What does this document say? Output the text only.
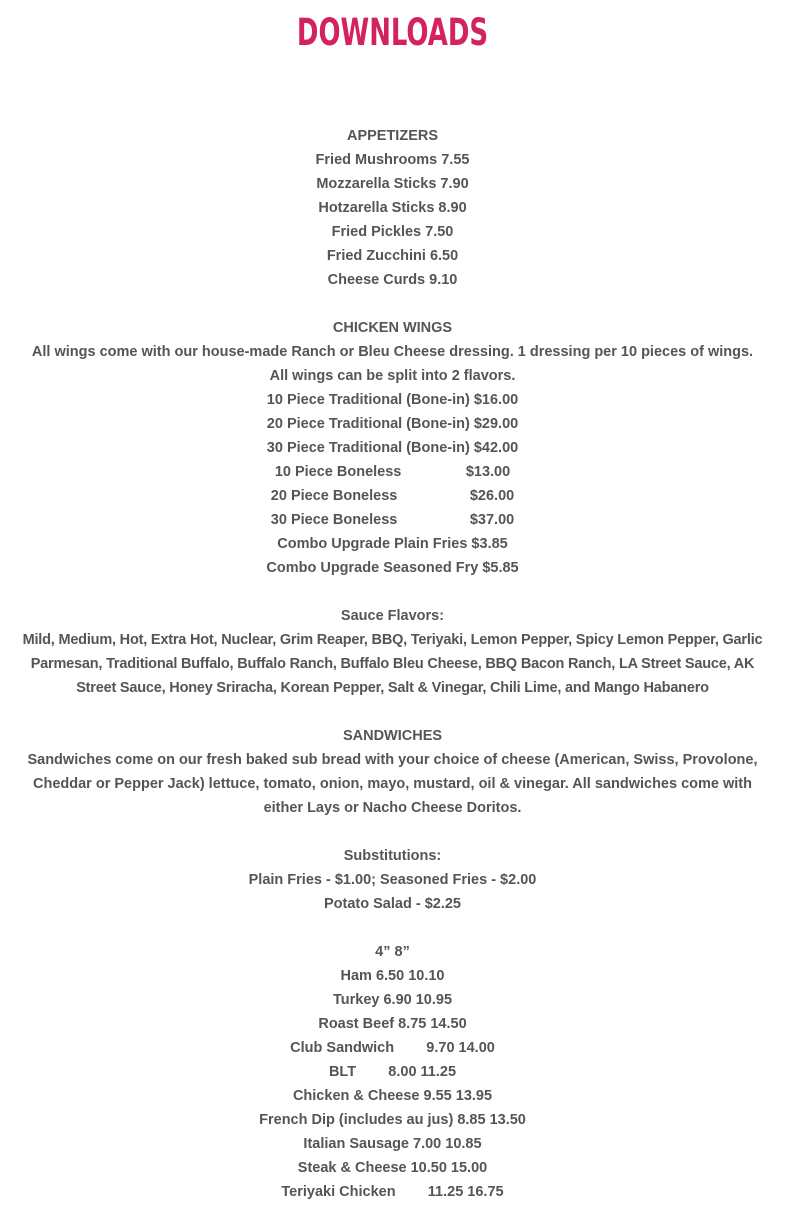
DOWNLOADS
APPETIZERS
Fried Mushrooms 7.55
Mozzarella Sticks 7.90
Hotzarella Sticks 8.90
Fried Pickles 7.50
Fried Zucchini 6.50
Cheese Curds 9.10
CHICKEN WINGS
All wings come with our house-made Ranch or Bleu Cheese dressing. 1 dressing per 10 pieces of wings. All wings can be split into 2 flavors.
10 Piece Traditional (Bone-in) $16.00
20 Piece Traditional (Bone-in) $29.00
30 Piece Traditional (Bone-in) $42.00
10 Piece Boneless                $13.00
20 Piece Boneless                  $26.00
30 Piece Boneless                  $37.00
Combo Upgrade Plain Fries $3.85
Combo Upgrade Seasoned Fry $5.85
Sauce Flavors:
Mild, Medium, Hot, Extra Hot, Nuclear, Grim Reaper, BBQ, Teriyaki, Lemon Pepper, Spicy Lemon Pepper, Garlic Parmesan, Traditional Buffalo, Buffalo Ranch, Buffalo Bleu Cheese, BBQ Bacon Ranch, LA Street Sauce, AK Street Sauce, Honey Sriracha, Korean Pepper, Salt & Vinegar, Chili Lime, and Mango Habanero
SANDWICHES
Sandwiches come on our fresh baked sub bread with your choice of cheese (American, Swiss, Provolone, Cheddar or Pepper Jack) lettuce, tomato, onion, mayo, mustard, oil & vinegar. All sandwiches come with either Lays or Nacho Cheese Doritos.
Substitutions:
Plain Fries - $1.00; Seasoned Fries - $2.00
Potato Salad - $2.25
4” 8”
Ham 6.50 10.10
Turkey 6.90 10.95
Roast Beef 8.75 14.50
Club Sandwich        9.70 14.00
BLT        8.00 11.25
Chicken & Cheese 9.55 13.95
French Dip (includes au jus) 8.85 13.50
Italian Sausage 7.00 10.85
Steak & Cheese 10.50 15.00
Teriyaki Chicken        11.25 16.75
